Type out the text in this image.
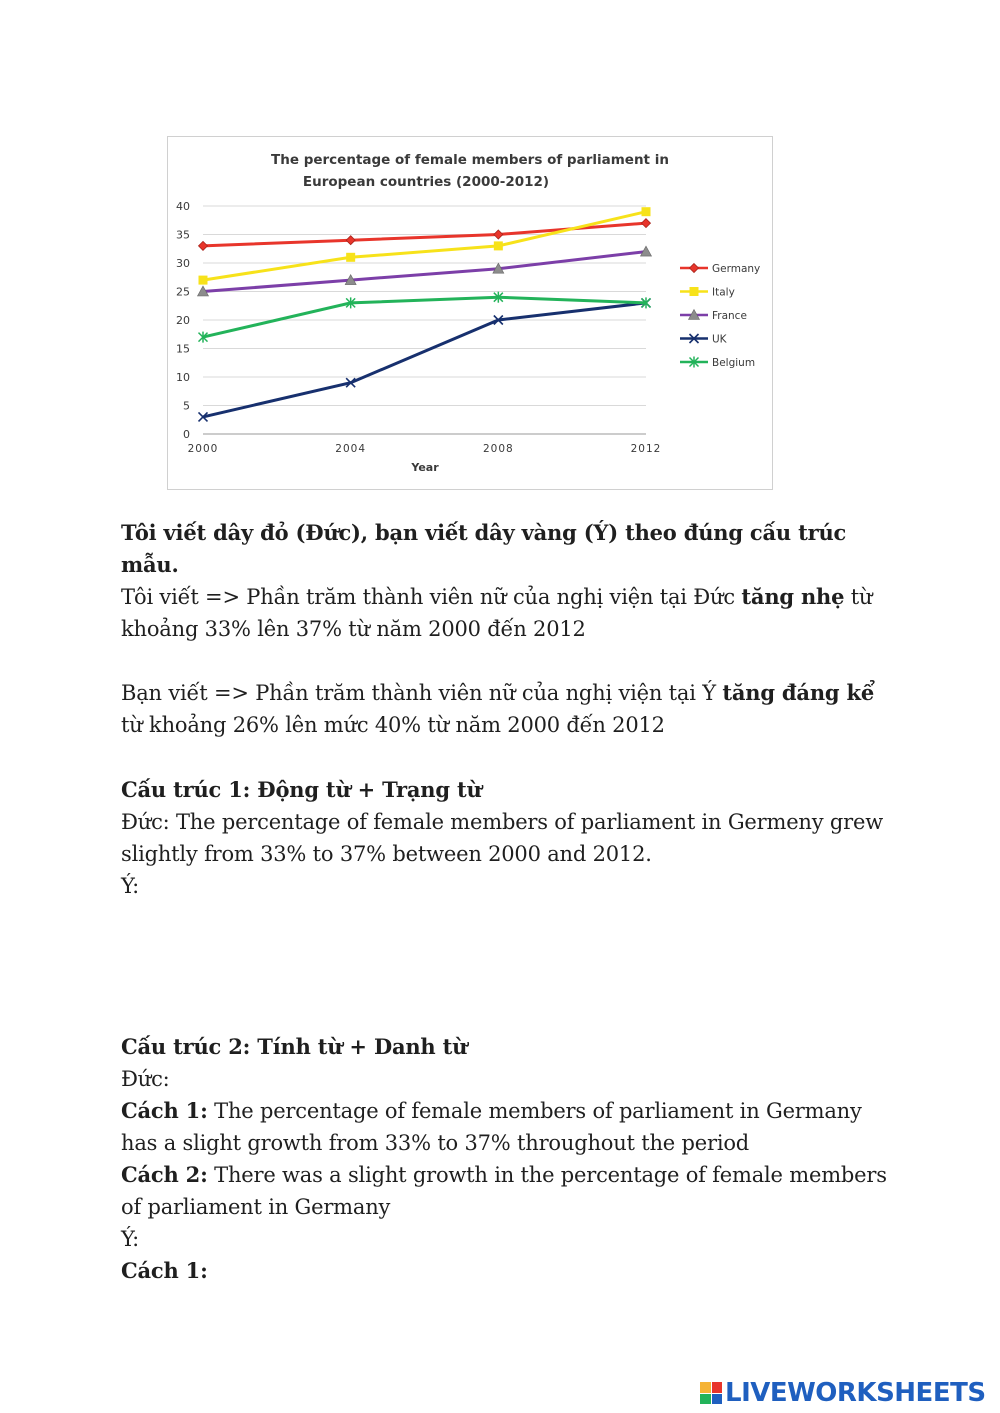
The percentage of female members of parliament in
European countries (2000-2012)
0
5
10
15
20
25
30
35
40
2000	2004	2008	2012
Germany
Italy
France
UK
Belgium
Year

Tôi viết dây đỏ (Đức), bạn viết dây vàng (Ý) theo đúng cấu trúc mẫu.

Tôi viết => Phần trăm thành viên nữ của nghị viện tại Đức tăng nhẹ từ khoảng 33% lên 37% từ năm 2000 đến 2012

Bạn viết => Phần trăm thành viên nữ của nghị viện tại Ý tăng đáng kể từ khoảng 26% lên mức 40% từ năm 2000 đến 2012

Cấu trúc 1: Động từ + Trạng từ

Đức: The percentage of female members of parliament in Germeny grew slightly from 33% to 37% between 2000 and 2012.

Ý:

Cấu trúc 2: Tính từ + Danh từ

Đức:

Cách 1: The percentage of female members of parliament in Germany has a slight growth from 33% to 37% throughout the period

Cách 2: There was a slight growth in the percentage of female members of parliament in Germany

Ý:

Cách 1:

LIVEWORKSHEETS
